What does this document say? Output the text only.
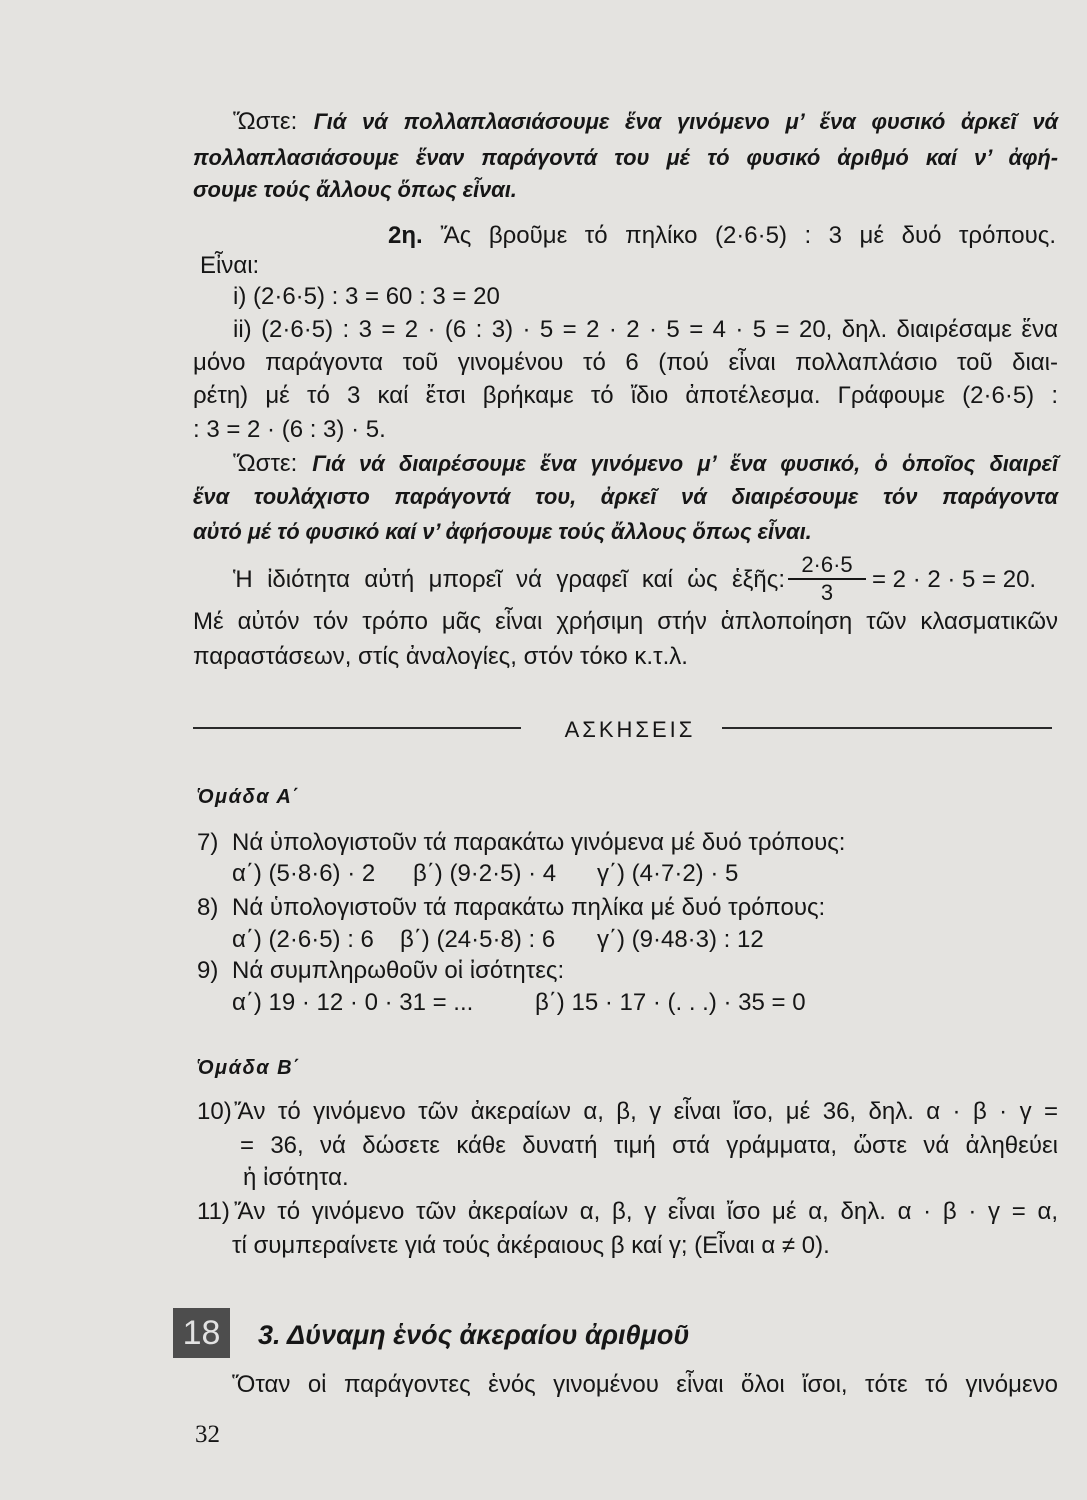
Ὥστε: Γιά νά πολλαπλασιάσουμε ἕνα γινόμενο μ’ ἕνα φυσικό ἀρκεῖ νά
πολλαπλασιάσουμε ἕναν παράγοντά του μέ τό φυσικό ἀριθμό καί ν’ ἀφή-
σουμε τούς ἄλλους ὅπως εἶναι.
2η. Ἄς βροῦμε τό πηλίκο (2·6·5) : 3 μέ δυό τρόπους.
Εἶναι:
i) (2·6·5) : 3 = 60 : 3 = 20
ii) (2·6·5) : 3 = 2 · (6 : 3) · 5 = 2 · 2 · 5 = 4 · 5 = 20, δηλ. διαιρέσαμε ἕνα
μόνο παράγοντα τοῦ γινομένου τό 6 (πού εἶναι πολλαπλάσιο τοῦ διαι-
ρέτη) μέ τό 3 καί ἔτσι βρήκαμε τό ἴδιο ἀποτέλεσμα. Γράφουμε (2·6·5) :
: 3 = 2 · (6 : 3) · 5.
Ὥστε: Γιά νά διαιρέσουμε ἕνα γινόμενο μ’ ἕνα φυσικό, ὁ ὁποῖος διαιρεῖ
ἕνα τουλάχιστο παράγοντά του, ἀρκεῖ νά διαιρέσουμε τόν παράγοντα
αὐτό μέ τό φυσικό καί ν’ ἀφήσουμε τούς ἄλλους ὅπως εἶναι.
Ἡ ἰδιότητα αὐτή μπορεῖ νά γραφεῖ καί ὡς ἑξῆς: $\frac{2\cdot 6\cdot 5}{3} = 2 \cdot 2 \cdot 5 = 20$.
Μέ αὐτόν τόν τρόπο μᾶς εἶναι χρήσιμη στήν ἁπλοποίηση τῶν κλασματικῶν
παραστάσεων, στίς ἀναλογίες, στόν τόκο κ.τ.λ.
ΑΣΚΗΣΕΙΣ
Ὁμάδα Α΄
7) Νά ὑπολογιστοῦν τά παρακάτω γινόμενα μέ δυό τρόπους:
α΄) (5·8·6) · 2 β΄) (9·2·5) · 4 γ΄) (4·7·2) · 5
8) Νά ὑπολογιστοῦν τά παρακάτω πηλίκα μέ δυό τρόπους:
α΄) (2·6·5) : 6 β΄) (24·5·8) : 6 γ΄) (9·48·3) : 12
9) Νά συμπληρωθοῦν οἱ ἰσότητες:
α΄) 19 · 12 · 0 · 31 = ...	β΄) 15 · 17 · (. . .) · 35 = 0
Ὁμάδα Β΄
10) Ἄν τό γινόμενο τῶν ἀκεραίων α, β, γ εἶναι ἴσο, μέ 36, δηλ. α · β · γ =
= 36, νά δώσετε κάθε δυνατή τιμή στά γράμματα, ὥστε νά ἀληθεύει
ἡ ἰσότητα.
11) Ἄν τό γινόμενο τῶν ἀκεραίων α, β, γ εἶναι ἴσο μέ α, δηλ. α · β · γ = α,
τί συμπεραίνετε γιά τούς ἀκέραιους β καί γ; (Εἶναι α ≠ 0).
18	3. Δύναμη ἑνός ἀκεραίου ἀριθμοῦ
Ὅταν οἱ παράγοντες ἑνός γινομένου εἶναι ὅλοι ἴσοι, τότε τό γινόμενο
32
